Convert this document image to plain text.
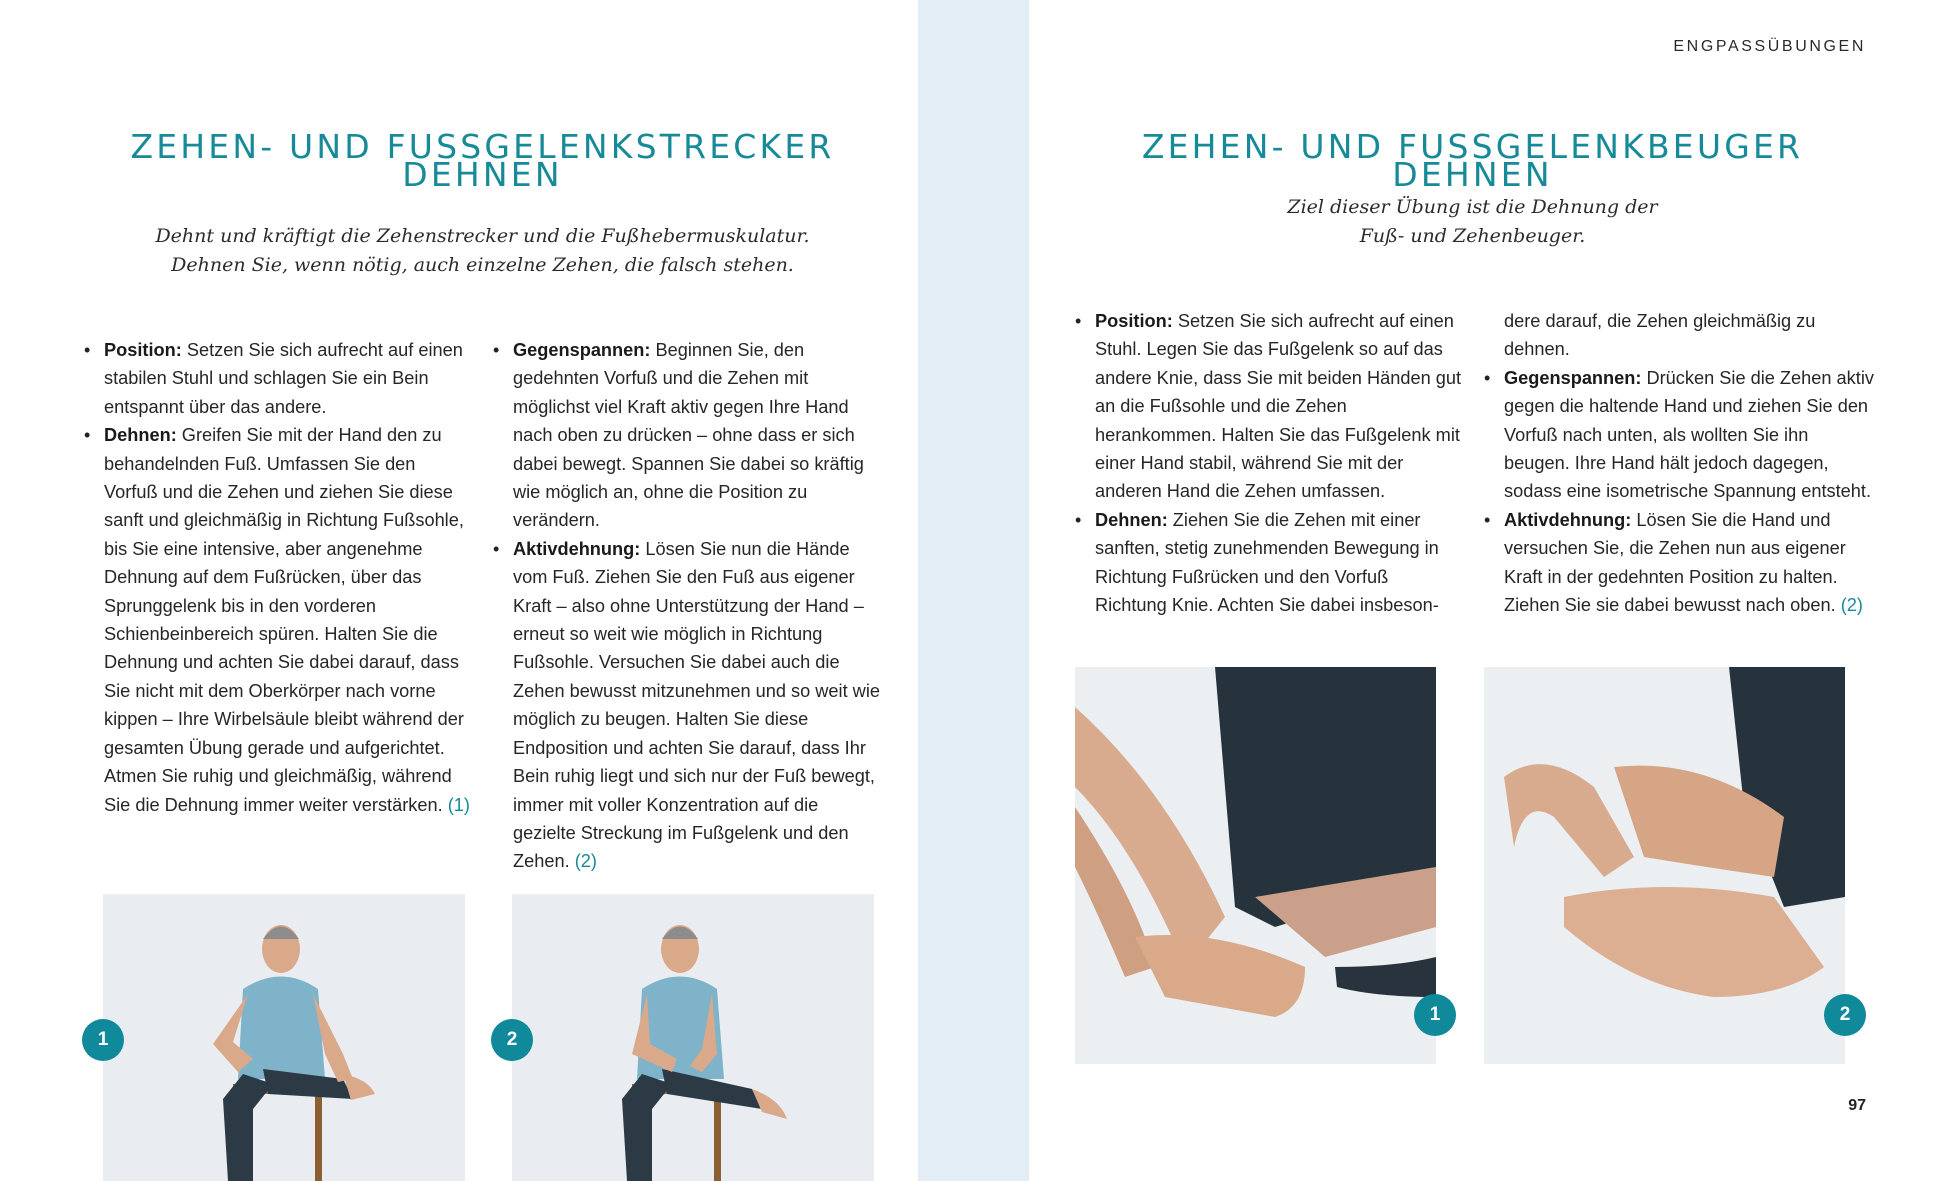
ZEHEN- UND FUSSGELENKSTRECKER DEHNEN
Dehnt und kräftigt die Zehenstrecker und die Fußhebermuskulatur.
Dehnen Sie, wenn nötig, auch einzelne Zehen, die falsch stehen.
• Position: Setzen Sie sich aufrecht auf einen stabilen Stuhl und schlagen Sie ein Bein entspannt über das andere.
• Dehnen: Greifen Sie mit der Hand den zu behandelnden Fuß. Umfassen Sie den Vorfuß und die Zehen und ziehen Sie diese sanft und gleichmäßig in Richtung Fußsohle, bis Sie eine intensive, aber angenehme Dehnung auf dem Fußrücken, über das Sprunggelenk bis in den vorderen Schienbeinbereich spüren. Halten Sie die Dehnung und achten Sie dabei darauf, dass Sie nicht mit dem Oberkörper nach vorne kippen – Ihre Wirbelsäule bleibt während der gesamten Übung gerade und aufgerichtet. Atmen Sie ruhig und gleichmäßig, während Sie die Dehnung immer weiter verstärken. (1)
• Gegenspannen: Beginnen Sie, den gedehnten Vorfuß und die Zehen mit möglichst viel Kraft aktiv gegen Ihre Hand nach oben zu drücken – ohne dass er sich dabei bewegt. Spannen Sie dabei so kräftig wie möglich an, ohne die Position zu verändern.
• Aktivdehnung: Lösen Sie nun die Hände vom Fuß. Ziehen Sie den Fuß aus eigener Kraft – also ohne Unterstützung der Hand – erneut so weit wie möglich in Richtung Fußsohle. Versuchen Sie dabei auch die Zehen bewusst mitzunehmen und so weit wie möglich zu beugen. Halten Sie diese Endposition und achten Sie darauf, dass Ihr Bein ruhig liegt und sich nur der Fuß bewegt, immer mit voller Konzentration auf die gezielte Streckung im Fußgelenk und den Zehen. (2)
1	2
ENGPASSÜBUNGEN
ZEHEN- UND FUSSGELENKBEUGER DEHNEN
Ziel dieser Übung ist die Dehnung der
Fuß- und Zehenbeuger.
• Position: Setzen Sie sich aufrecht auf einen Stuhl. Legen Sie das Fußgelenk so auf das andere Knie, dass Sie mit beiden Händen gut an die Fußsohle und die Zehen herankommen. Halten Sie das Fußgelenk mit einer Hand stabil, während Sie mit der anderen Hand die Zehen umfassen.
• Dehnen: Ziehen Sie die Zehen mit einer sanften, stetig zunehmenden Bewegung in Richtung Fußrücken und den Vorfuß Richtung Knie. Achten Sie dabei insbeson-
dere darauf, die Zehen gleichmäßig zu dehnen.
• Gegenspannen: Drücken Sie die Zehen aktiv gegen die haltende Hand und ziehen Sie den Vorfuß nach unten, als wollten Sie ihn beugen. Ihre Hand hält jedoch dagegen, sodass eine isometrische Spannung entsteht.
• Aktivdehnung: Lösen Sie die Hand und versuchen Sie, die Zehen nun aus eigener Kraft in der gedehnten Position zu halten. Ziehen Sie sie dabei bewusst nach oben. (2)
1	2
97
